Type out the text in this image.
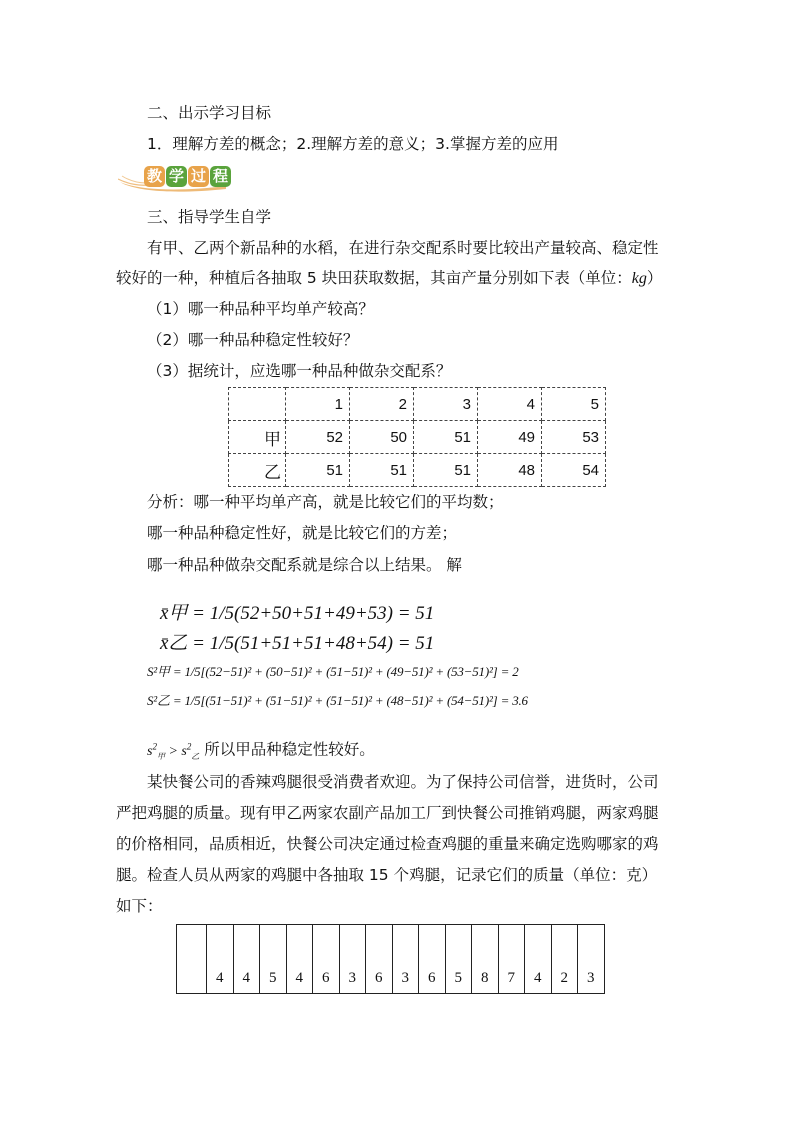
二、出示学习目标
1．理解方差的概念；2.理解方差的意义；3.掌握方差的应用
教 学 过 程
三、指导学生自学
有甲、乙两个新品种的水稻，在进行杂交配系时要比较出产量较高、稳定性
较好的一种，种植后各抽取 5 块田获取数据，其亩产量分别如下表（单位：kg）
（1）哪一种品种平均单产较高？
（2）哪一种品种稳定性较好？
（3）据统计，应选哪一种品种做杂交配系？
	1	2	3	4	5
甲	52	50	51	49	53
乙	51	51	51	48	54
分析：哪一种平均单产高，就是比较它们的平均数；
哪一种品种稳定性好，就是比较它们的方差；
哪一种品种做杂交配系就是综合以上结果。 解
x̄甲 = 1/5(52+50+51+49+53) = 51
x̄乙 = 1/5(51+51+51+48+54) = 51
S²甲 = 1/5[(52−51)² + (50−51)² + (51−51)² + (49−51)² + (53−51)²] = 2
S²乙 = 1/5[(51−51)² + (51−51)² + (51−51)² + (48−51)² + (54−51)²] = 3.6
$s^2_甲 > s^2_乙$ 所以甲品种稳定性较好。
某快餐公司的香辣鸡腿很受消费者欢迎。为了保持公司信誉，进货时，公司
严把鸡腿的质量。现有甲乙两家农副产品加工厂到快餐公司推销鸡腿，两家鸡腿
的价格相同，品质相近，快餐公司决定通过检查鸡腿的重量来确定选购哪家的鸡
腿。检查人员从两家的鸡腿中各抽取 15 个鸡腿，记录它们的质量（单位：克）
如下：
	4	4	5	4	6	3	6	3	6	5	8	7	4	2	3
